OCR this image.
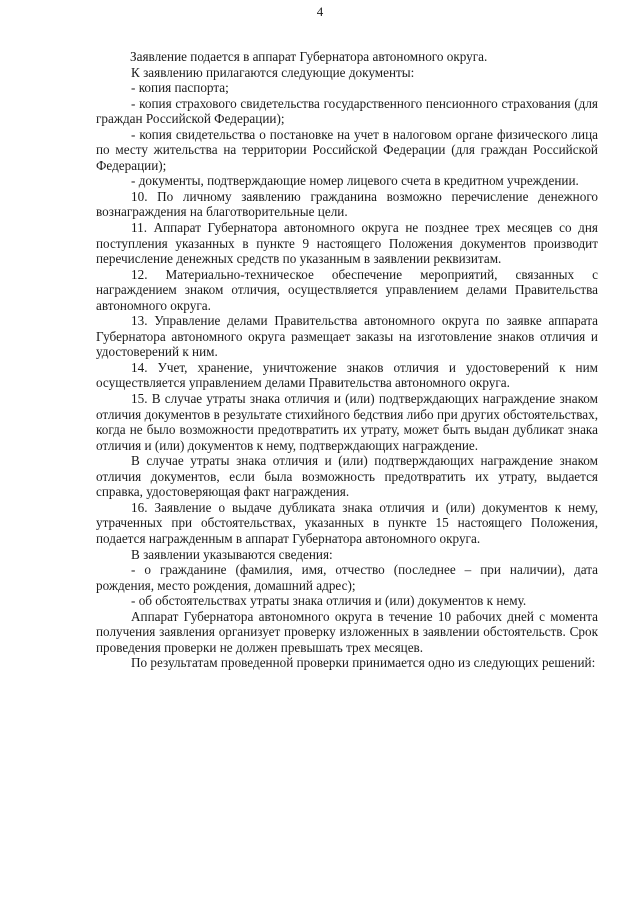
4

Заявление подается в аппарат Губернатора автономного округа.

К заявлению прилагаются следующие документы:

- копия паспорта;

- копия страхового свидетельства государственного пенсионного страхования (для граждан Российской Федерации);

- копия свидетельства о постановке на учет в налоговом органе физического лица по месту жительства на территории Российской Федерации (для граждан Российской Федерации);

- документы, подтверждающие номер лицевого счета в кредитном учреждении.

10. По личному заявлению гражданина возможно перечисление денежного вознаграждения на благотворительные цели.

11. Аппарат Губернатора автономного округа не позднее трех месяцев со дня поступления указанных в пункте 9 настоящего Положения документов производит перечисление денежных средств по указанным в заявлении реквизитам.

12. Материально-техническое обеспечение мероприятий, связанных с награждением знаком отличия, осуществляется управлением делами Правительства автономного округа.

13. Управление делами Правительства автономного округа по заявке аппарата Губернатора автономного округа размещает заказы на изготовление знаков отличия и удостоверений к ним.

14. Учет, хранение, уничтожение знаков отличия и удостоверений к ним осуществляется управлением делами Правительства автономного округа.

15. В случае утраты знака отличия и (или) подтверждающих награждение знаком отличия документов в результате стихийного бедствия либо при других обстоятельствах, когда не было возможности предотвратить их утрату, может быть выдан дубликат знака отличия и (или) документов к нему, подтверждающих награждение.

В случае утраты знака отличия и (или) подтверждающих награждение знаком отличия документов, если была возможность предотвратить их утрату, выдается справка, удостоверяющая факт награждения.

16. Заявление о выдаче дубликата знака отличия и (или) документов к нему, утраченных при обстоятельствах, указанных в пункте 15 настоящего Положения, подается награжденным в аппарат Губернатора автономного округа.

В заявлении указываются сведения:

- о гражданине (фамилия, имя, отчество (последнее – при наличии), дата рождения, место рождения, домашний адрес);

- об обстоятельствах утраты знака отличия и (или) документов к нему.

Аппарат Губернатора автономного округа в течение 10 рабочих дней с момента получения заявления организует проверку изложенных в заявлении обстоятельств. Срок проведения проверки не должен превышать трех месяцев.

По результатам проведенной проверки принимается одно из следующих решений:
